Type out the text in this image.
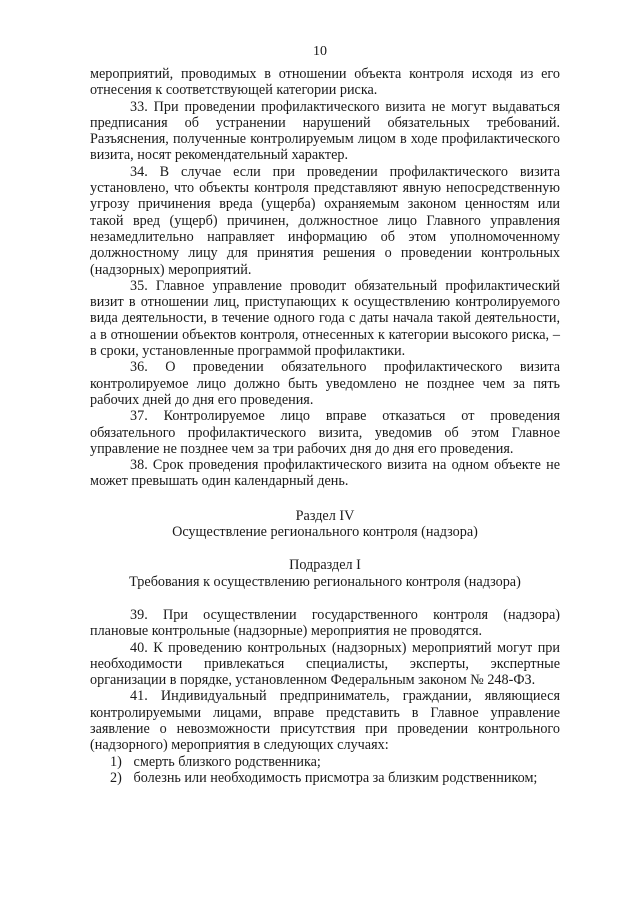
10

мероприятий, проводимых в отношении объекта контроля исходя из его отнесения к соответствующей категории риска.

33. При проведении профилактического визита не могут выдаваться предписания об устранении нарушений обязательных требований. Разъяснения, полученные контролируемым лицом в ходе профилактического визита, носят рекомендательный характер.

34. В случае если при проведении профилактического визита установлено, что объекты контроля представляют явную непосредственную угрозу причинения вреда (ущерба) охраняемым законом ценностям или такой вред (ущерб) причинен, должностное лицо Главного управления незамедлительно направляет информацию об этом уполномоченному должностному лицу для принятия решения о проведении контрольных (надзорных) мероприятий.

35. Главное управление проводит обязательный профилактический визит в отношении лиц, приступающих к осуществлению контролируемого вида деятельности, в течение одного года с даты начала такой деятельности, а в отношении объектов контроля, отнесенных к категории высокого риска, – в сроки, установленные программой профилактики.

36. О проведении обязательного профилактического визита контролируемое лицо должно быть уведомлено не позднее чем за пять рабочих дней до дня его проведения.

37. Контролируемое лицо вправе отказаться от проведения обязательного профилактического визита, уведомив об этом Главное управление не позднее чем за три рабочих дня до дня его проведения.

38. Срок проведения профилактического визита на одном объекте не может превышать один календарный день.

Раздел IV
Осуществление регионального контроля (надзора)
Подраздел I
Требования к осуществлению регионального контроля (надзора)

39. При осуществлении государственного контроля (надзора) плановые контрольные (надзорные) мероприятия не проводятся.

40. К проведению контрольных (надзорных) мероприятий могут при необходимости привлекаться специалисты, эксперты, экспертные организации в порядке, установленном Федеральным законом № 248-ФЗ.

41. Индивидуальный предприниматель, граждании, являющиеся контролируемыми лицами, вправе представить в Главное управление заявление о невозможности присутствия при проведении контрольного (надзорного) мероприятия в следующих случаях:

1) смерть близкого родственника;
2) болезнь или необходимость присмотра за близким родственником;
